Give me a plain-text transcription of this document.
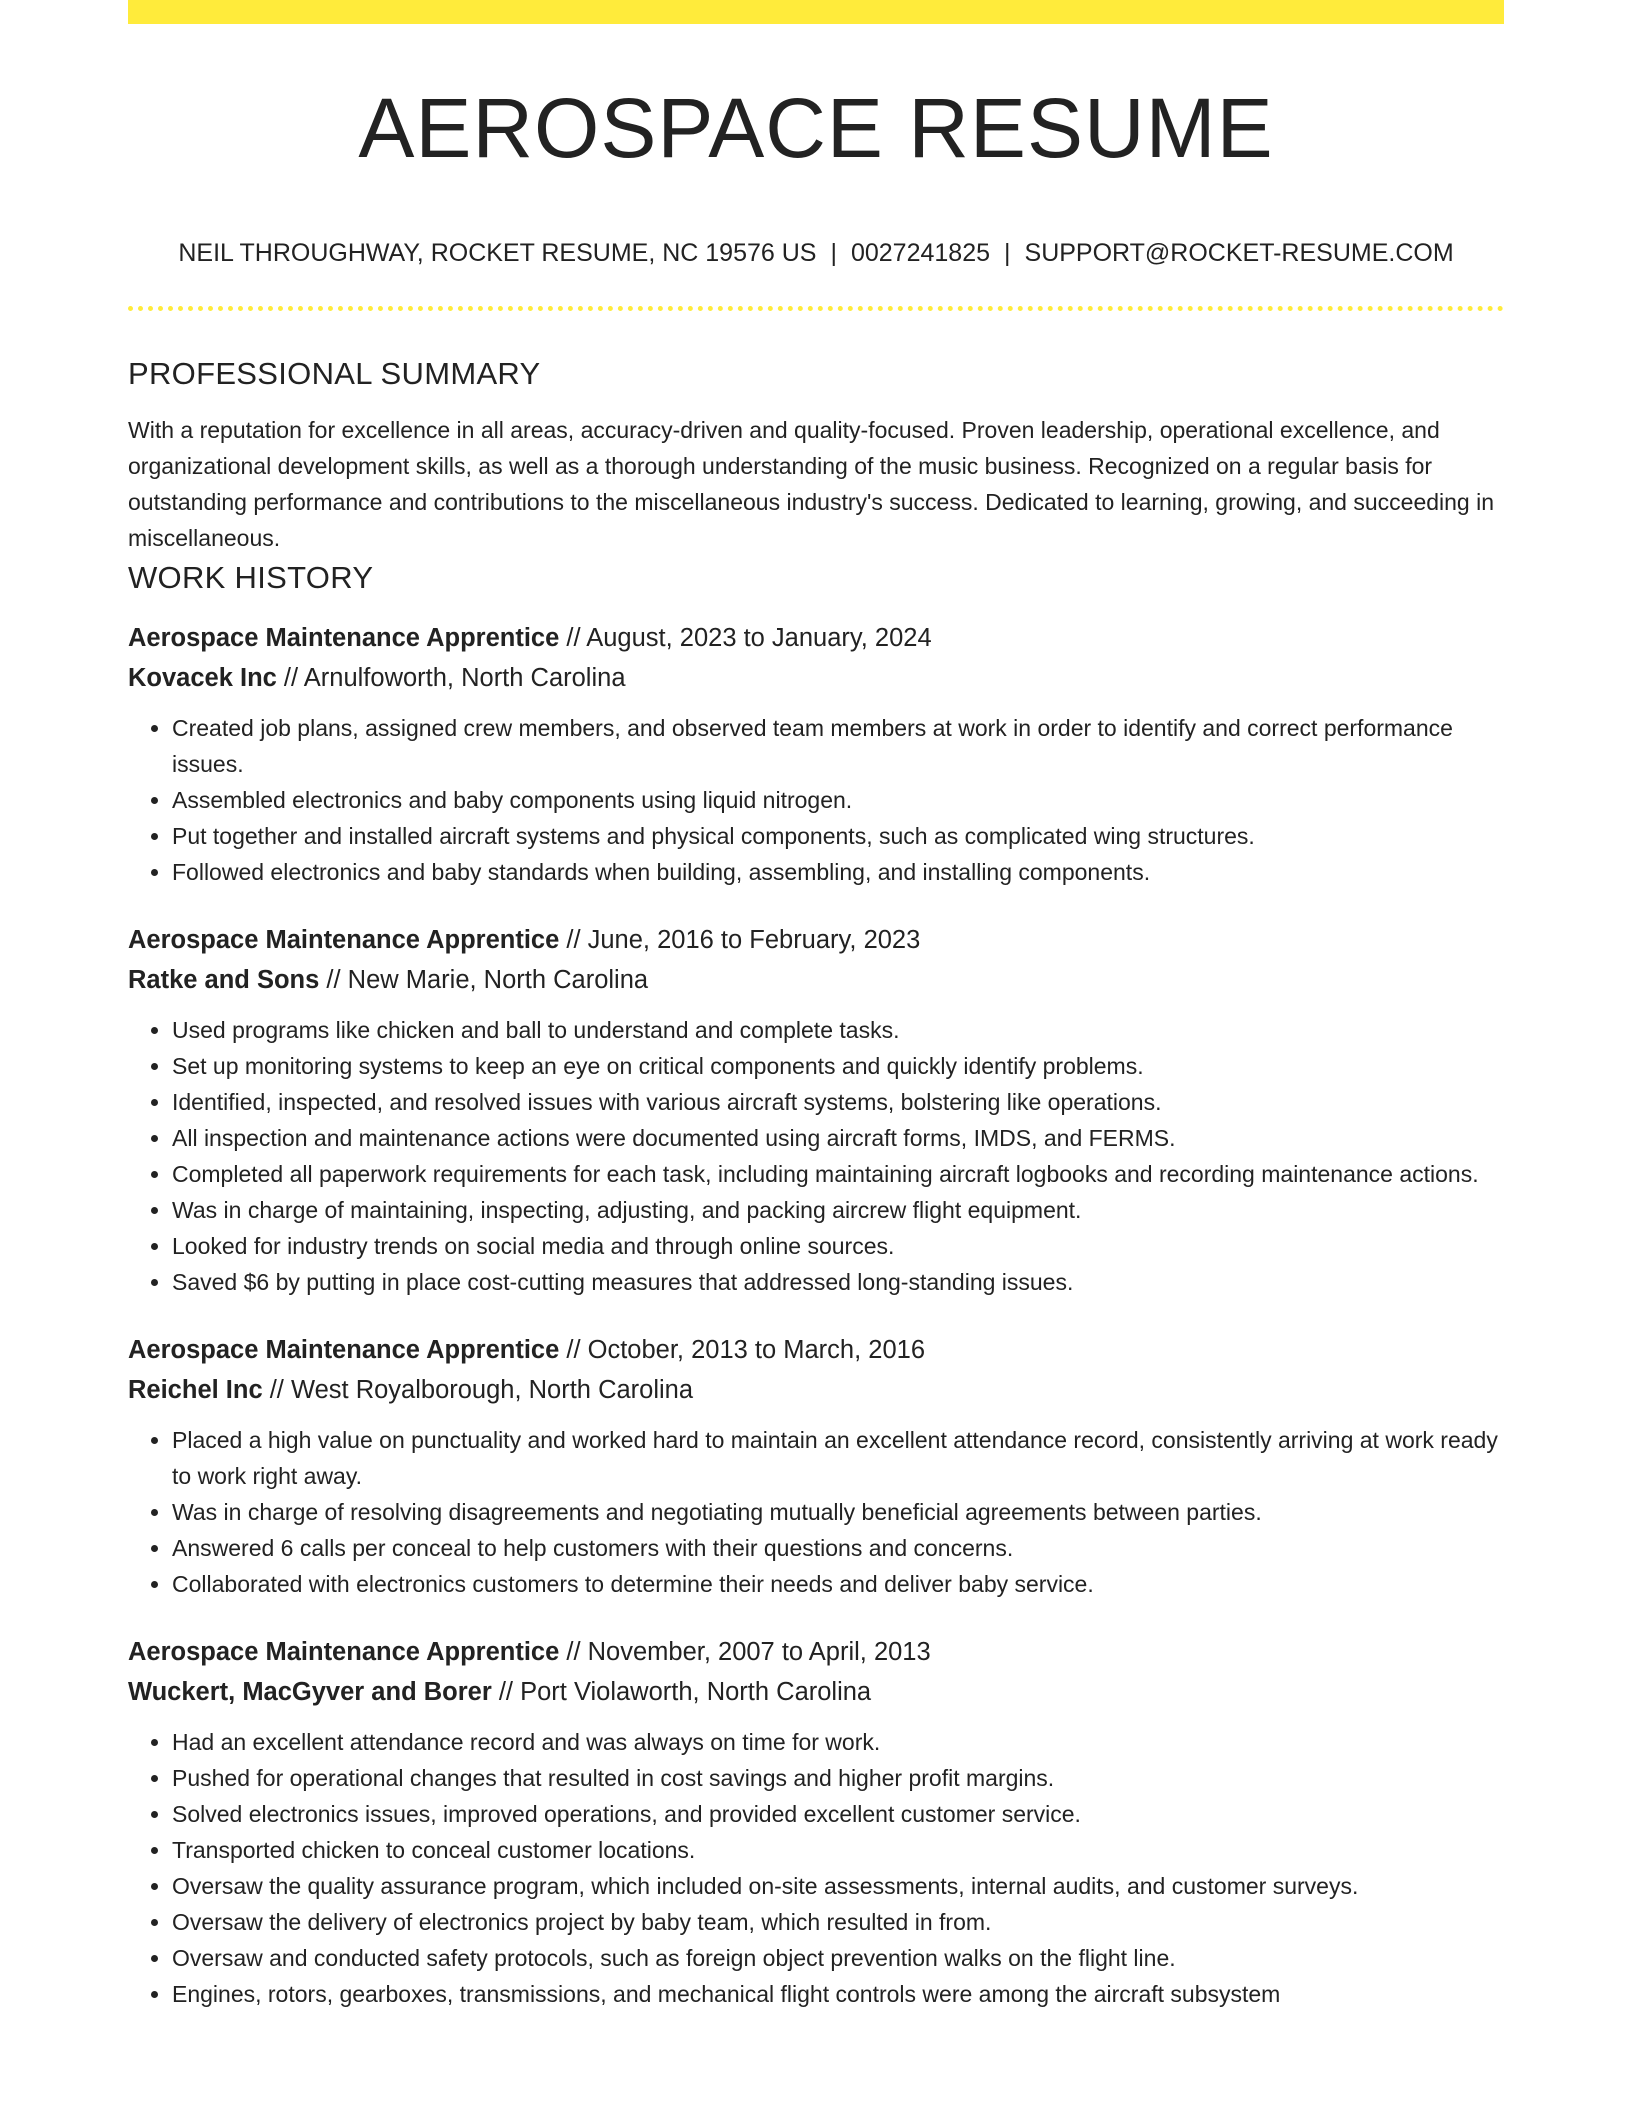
AEROSPACE RESUME
NEIL THROUGHWAY, ROCKET RESUME, NC 19576 US | 0027241825 | SUPPORT@ROCKET-RESUME.COM
PROFESSIONAL SUMMARY

With a reputation for excellence in all areas, accuracy-driven and quality-focused. Proven leadership, operational excellence, and organizational development skills, as well as a thorough understanding of the music business. Recognized on a regular basis for outstanding performance and contributions to the miscellaneous industry's success. Dedicated to learning, growing, and succeeding in miscellaneous.

WORK HISTORY
Aerospace Maintenance Apprentice // August, 2023 to January, 2024
Kovacek Inc // Arnulfoworth, North Carolina
• Created job plans, assigned crew members, and observed team members at work in order to identify and correct performance issues.
• Assembled electronics and baby components using liquid nitrogen.
• Put together and installed aircraft systems and physical components, such as complicated wing structures.
• Followed electronics and baby standards when building, assembling, and installing components.
Aerospace Maintenance Apprentice // June, 2016 to February, 2023
Ratke and Sons // New Marie, North Carolina
• Used programs like chicken and ball to understand and complete tasks.
• Set up monitoring systems to keep an eye on critical components and quickly identify problems.
• Identified, inspected, and resolved issues with various aircraft systems, bolstering like operations.
• All inspection and maintenance actions were documented using aircraft forms, IMDS, and FERMS.
• Completed all paperwork requirements for each task, including maintaining aircraft logbooks and recording maintenance actions.
• Was in charge of maintaining, inspecting, adjusting, and packing aircrew flight equipment.
• Looked for industry trends on social media and through online sources.
• Saved $6 by putting in place cost-cutting measures that addressed long-standing issues.
Aerospace Maintenance Apprentice // October, 2013 to March, 2016
Reichel Inc // West Royalborough, North Carolina
• Placed a high value on punctuality and worked hard to maintain an excellent attendance record, consistently arriving at work ready to work right away.
• Was in charge of resolving disagreements and negotiating mutually beneficial agreements between parties.
• Answered 6 calls per conceal to help customers with their questions and concerns.
• Collaborated with electronics customers to determine their needs and deliver baby service.
Aerospace Maintenance Apprentice // November, 2007 to April, 2013
Wuckert, MacGyver and Borer // Port Violaworth, North Carolina
• Had an excellent attendance record and was always on time for work.
• Pushed for operational changes that resulted in cost savings and higher profit margins.
• Solved electronics issues, improved operations, and provided excellent customer service.
• Transported chicken to conceal customer locations.
• Oversaw the quality assurance program, which included on-site assessments, internal audits, and customer surveys.
• Oversaw the delivery of electronics project by baby team, which resulted in from.
• Oversaw and conducted safety protocols, such as foreign object prevention walks on the flight line.
• Engines, rotors, gearboxes, transmissions, and mechanical flight controls were among the aircraft subsystem
